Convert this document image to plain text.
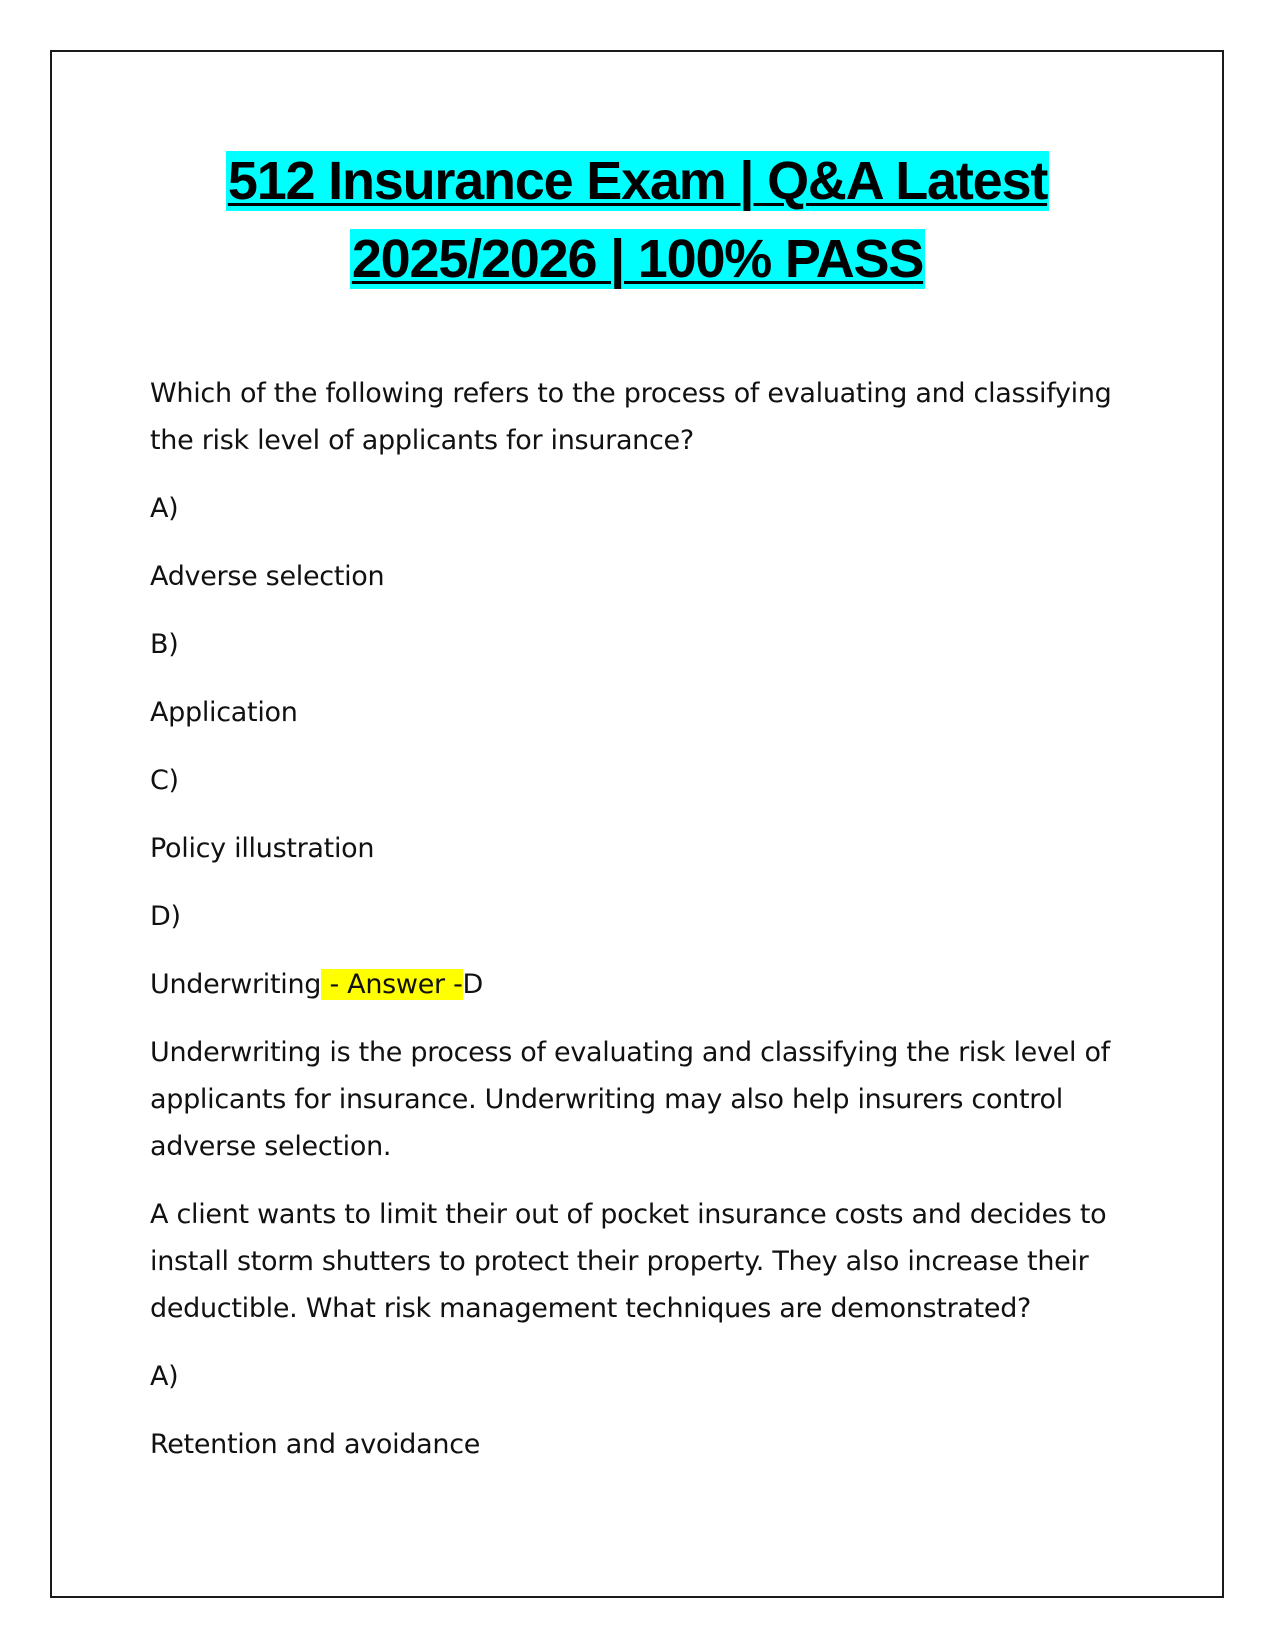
512 Insurance Exam | Q&A Latest
2025/2026 | 100% PASS

Which of the following refers to the process of evaluating and classifying the risk level of applicants for insurance?

A)

Adverse selection

B)

Application

C)

Policy illustration

D)

Underwriting - Answer -D

Underwriting is the process of evaluating and classifying the risk level of applicants for insurance. Underwriting may also help insurers control adverse selection.

A client wants to limit their out of pocket insurance costs and decides to install storm shutters to protect their property. They also increase their deductible. What risk management techniques are demonstrated?

A)

Retention and avoidance
